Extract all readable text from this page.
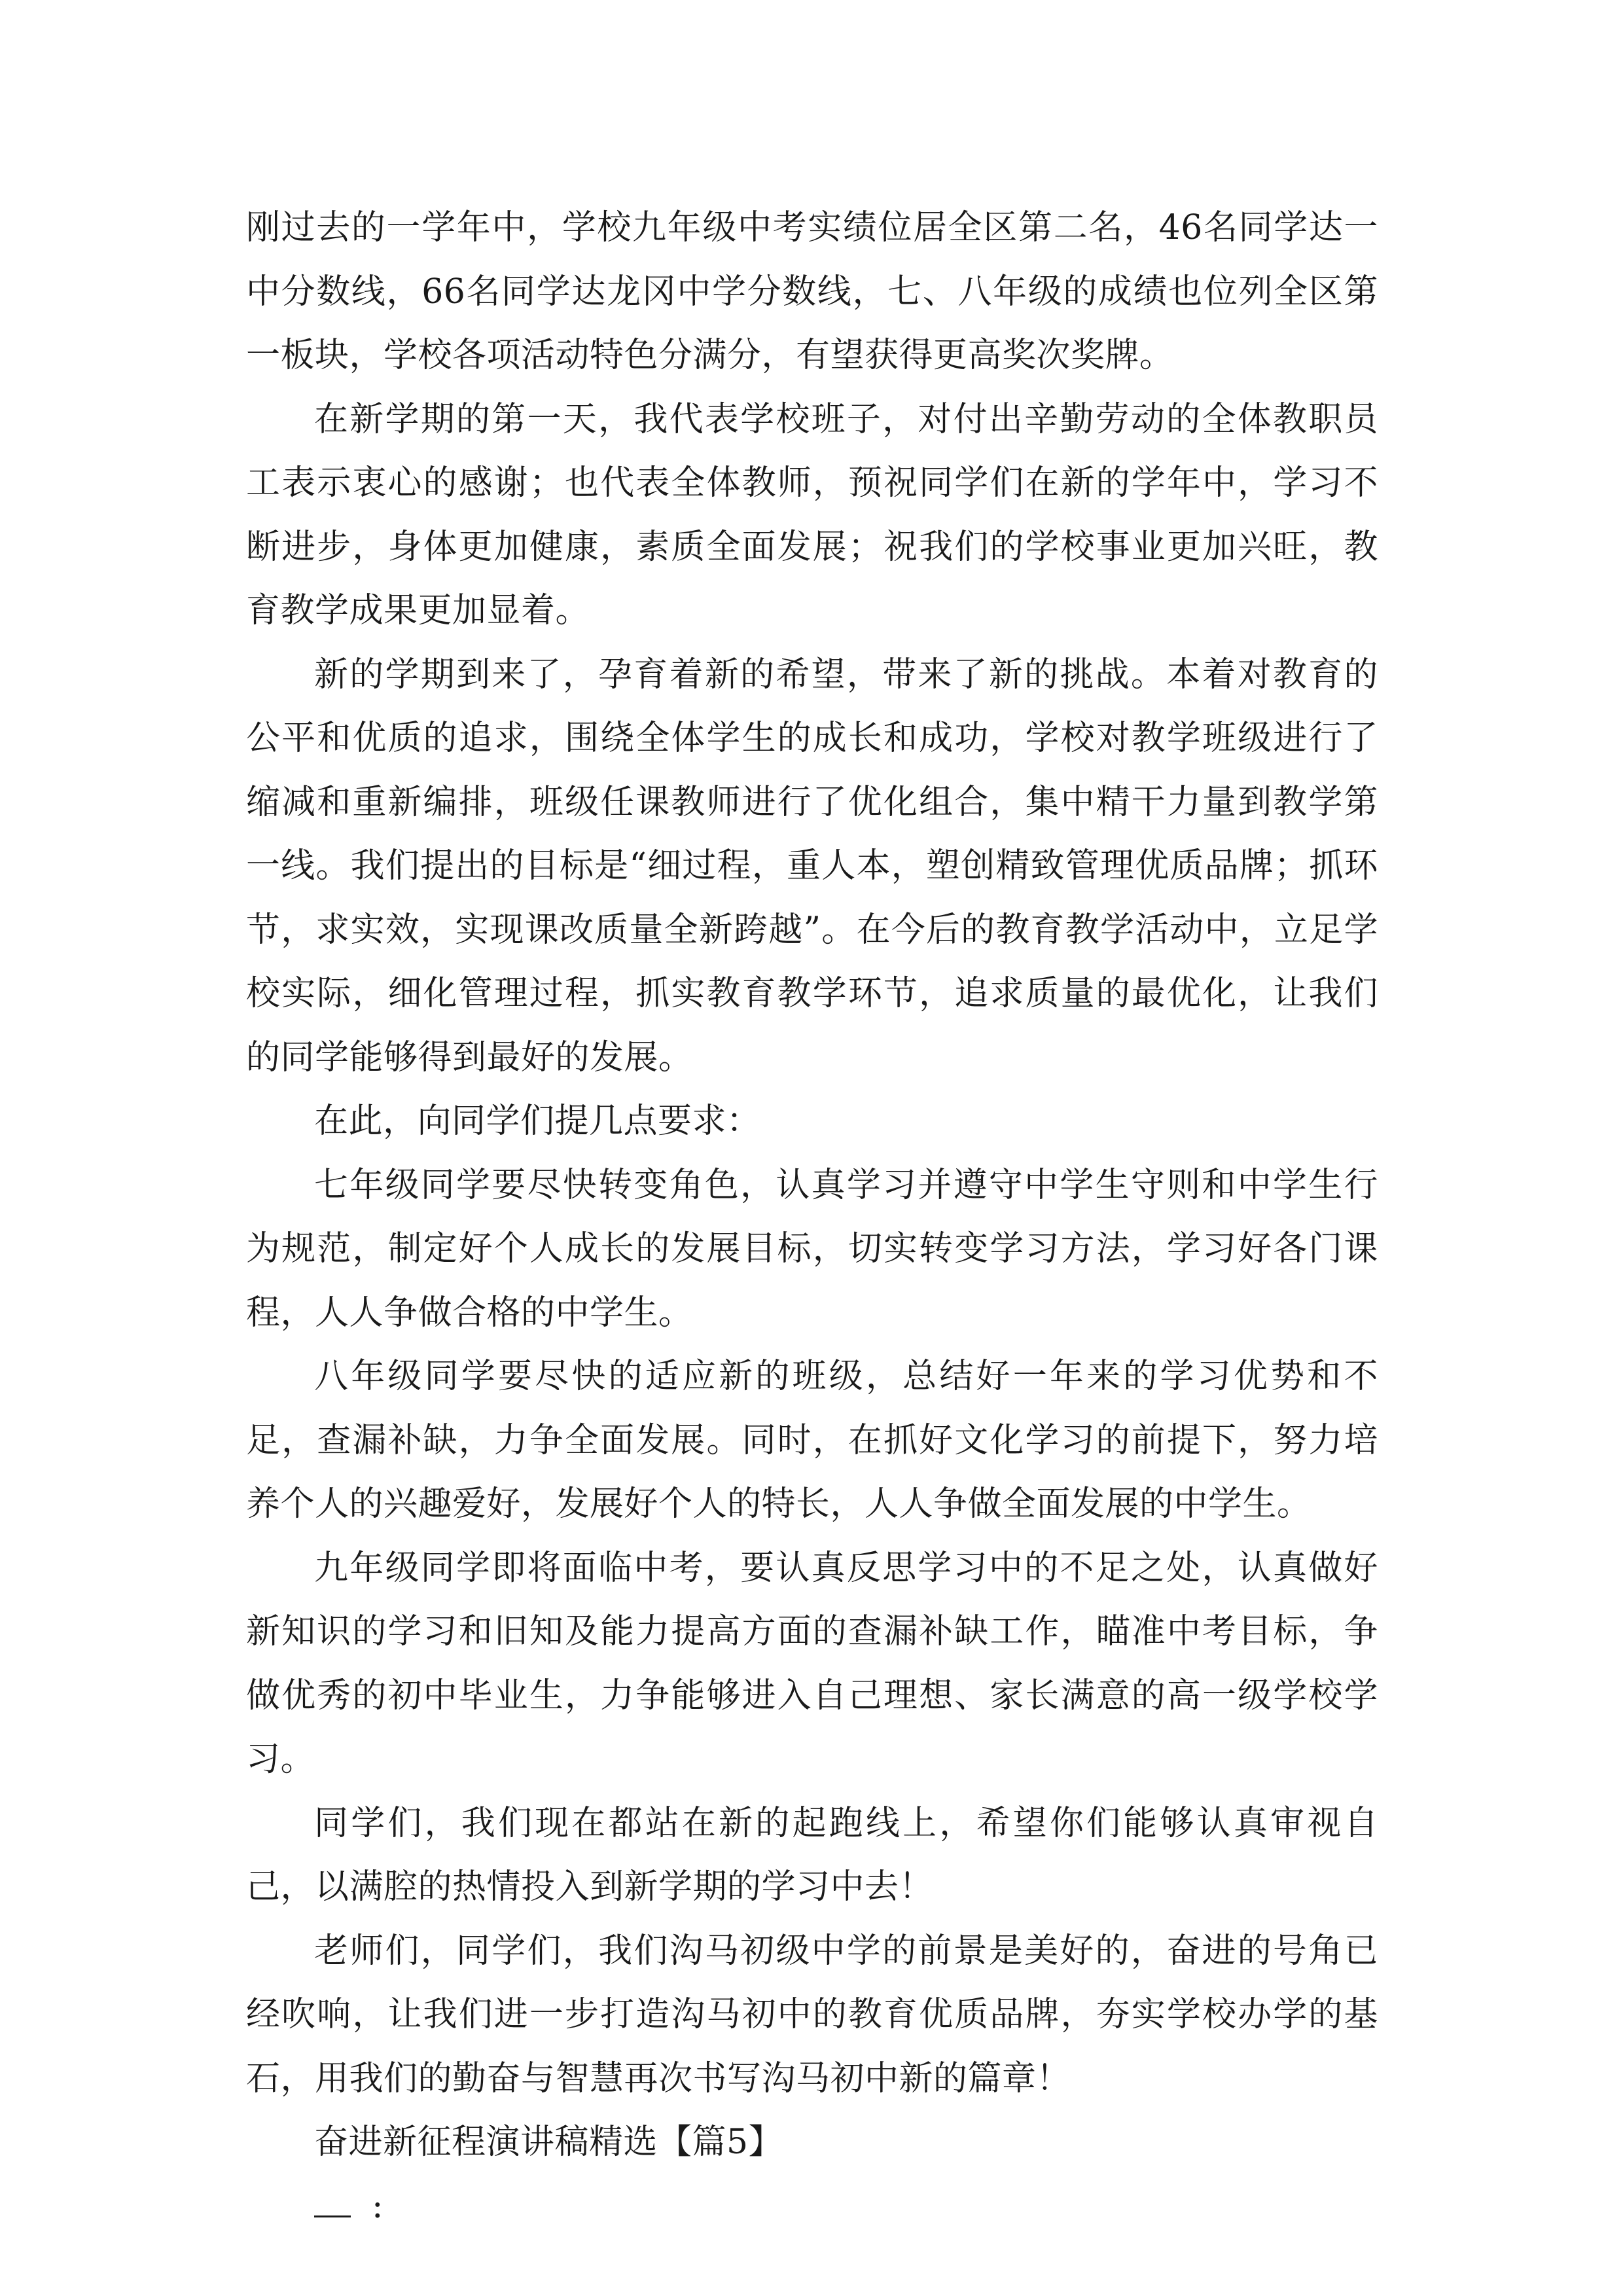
刚过去的一学年中，学校九年级中考实绩位居全区第二名，46名同学达一中分数线，66名同学达龙冈中学分数线，七、八年级的成绩也位列全区第一板块，学校各项活动特色分满分，有望获得更高奖次奖牌。

在新学期的第一天，我代表学校班子，对付出辛勤劳动的全体教职员工表示衷心的感谢；也代表全体教师，预祝同学们在新的学年中，学习不断进步，身体更加健康，素质全面发展；祝我们的学校事业更加兴旺，教育教学成果更加显着。

新的学期到来了，孕育着新的希望，带来了新的挑战。本着对教育的公平和优质的追求，围绕全体学生的成长和成功，学校对教学班级进行了缩减和重新编排，班级任课教师进行了优化组合，集中精干力量到教学第一线。我们提出的目标是“细过程，重人本，塑创精致管理优质品牌；抓环节，求实效，实现课改质量全新跨越”。在今后的教育教学活动中，立足学校实际，细化管理过程，抓实教育教学环节，追求质量的最优化，让我们的同学能够得到最好的发展。

在此，向同学们提几点要求：

七年级同学要尽快转变角色，认真学习并遵守中学生守则和中学生行为规范，制定好个人成长的发展目标，切实转变学习方法，学习好各门课程，人人争做合格的中学生。

八年级同学要尽快的适应新的班级，总结好一年来的学习优势和不足，查漏补缺，力争全面发展。同时，在抓好文化学习的前提下，努力培养个人的兴趣爱好，发展好个人的特长，人人争做全面发展的中学生。

九年级同学即将面临中考，要认真反思学习中的不足之处，认真做好新知识的学习和旧知及能力提高方面的查漏补缺工作，瞄准中考目标，争做优秀的初中毕业生，力争能够进入自己理想、家长满意的高一级学校学习。

同学们，我们现在都站在新的起跑线上，希望你们能够认真审视自己，以满腔的热情投入到新学期的学习中去！

老师们，同学们，我们沟马初级中学的前景是美好的，奋进的号角已经吹响，让我们进一步打造沟马初中的教育优质品牌，夯实学校办学的基石，用我们的勤奋与智慧再次书写沟马初中新的篇章！

奋进新征程演讲稿精选【篇5】

:
